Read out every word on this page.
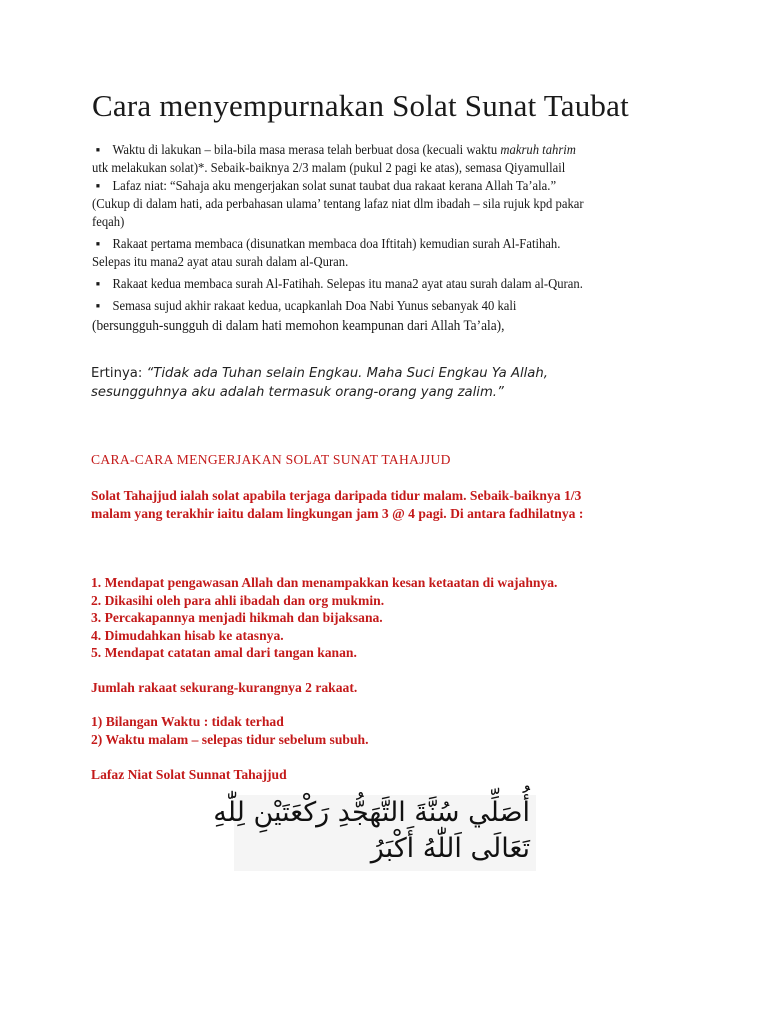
Cara menyempurnakan Solat Sunat Taubat
▪ Waktu di lakukan – bila-bila masa merasa telah berbuat dosa (kecuali waktu makruh tahrim
utk melakukan solat)*. Sebaik-baiknya 2/3 malam (pukul 2 pagi ke atas), semasa Qiyamullail
▪ Lafaz niat: “Sahaja aku mengerjakan solat sunat taubat dua rakaat kerana Allah Ta’ala.”
(Cukup di dalam hati, ada perbahasan ulama’ tentang lafaz niat dlm ibadah – sila rujuk kpd pakar
feqah)
▪ Rakaat pertama membaca (disunatkan membaca doa Iftitah) kemudian surah Al-Fatihah.
Selepas itu mana2 ayat atau surah dalam al-Quran.
▪ Rakaat kedua membaca surah Al-Fatihah. Selepas itu mana2 ayat atau surah dalam al-Quran.
▪ Semasa sujud akhir rakaat kedua, ucapkanlah Doa Nabi Yunus sebanyak 40 kali
(bersungguh-sungguh di dalam hati memohon keampunan dari Allah Ta’ala),
Ertinya: “Tidak ada Tuhan selain Engkau. Maha Suci Engkau Ya Allah,
sesungguhnya aku adalah termasuk orang-orang yang zalim.”
CARA-CARA MENGERJAKAN SOLAT SUNAT TAHAJJUD
Solat Tahajjud ialah solat apabila terjaga daripada tidur malam. Sebaik-baiknya 1/3
malam yang terakhir iaitu dalam lingkungan jam 3 @ 4 pagi. Di antara fadhilatnya :
1. Mendapat pengawasan Allah dan menampakkan kesan ketaatan di wajahnya.
2. Dikasihi oleh para ahli ibadah dan org mukmin.
3. Percakapannya menjadi hikmah dan bijaksana.
4. Dimudahkan hisab ke atasnya.
5. Mendapat catatan amal dari tangan kanan.
Jumlah rakaat sekurang-kurangnya 2 rakaat.
1) Bilangan Waktu : tidak terhad
2) Waktu malam – selepas tidur sebelum subuh.
Lafaz Niat Solat Sunnat Tahajjud
أُصَلِّي سُنَّةَ التَّهَجُّدِ رَكْعَتَيْنِ لِلّٰهِ
تَعَالَى اَللّٰهُ أَكْبَرُ
